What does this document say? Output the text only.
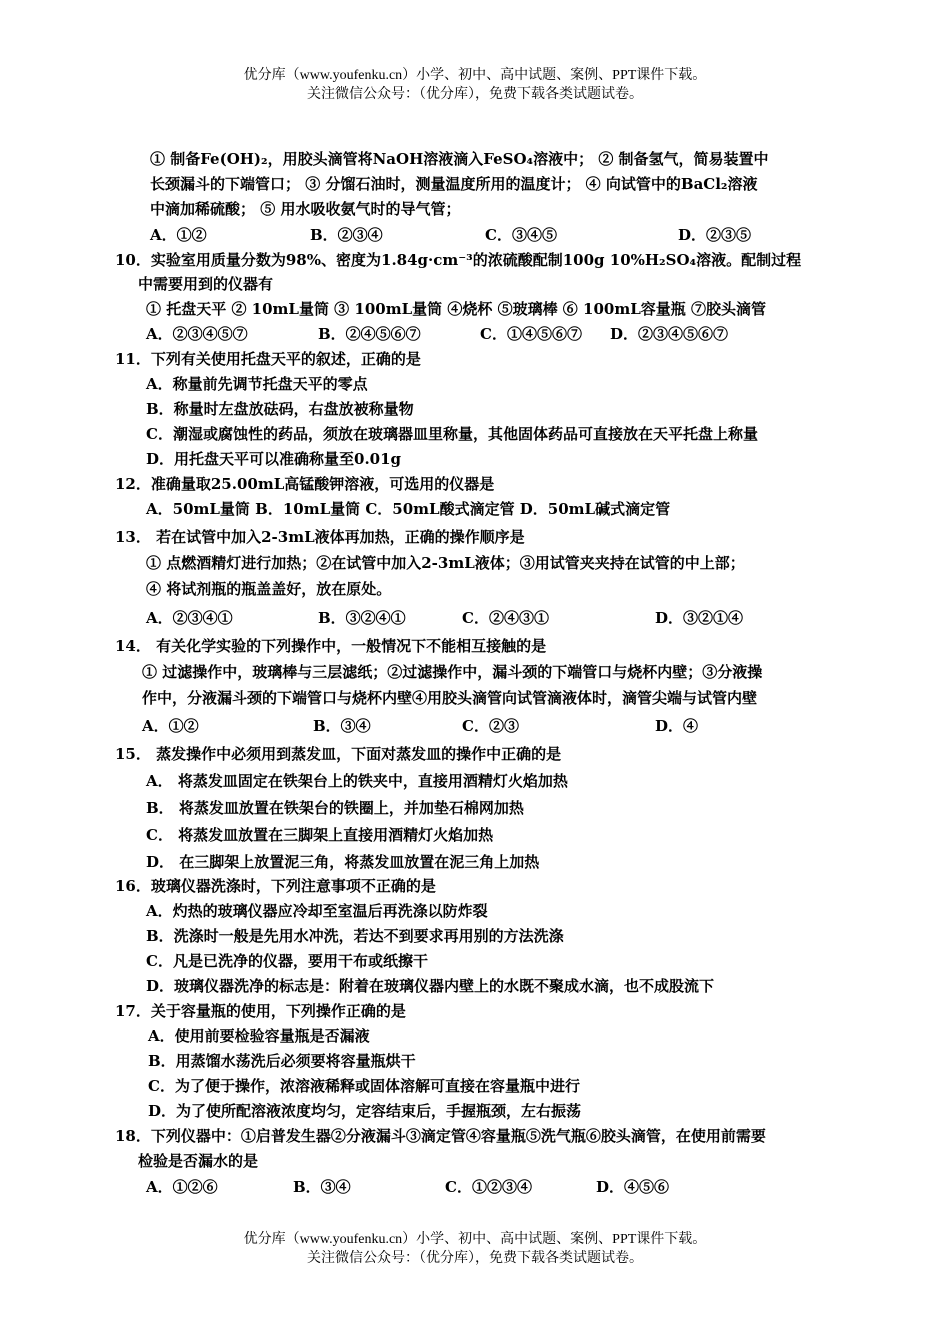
优分库（www.youfenku.cn）小学、初中、高中试题、案例、PPT课件下载。
关注微信公众号：（优分库），免费下载各类试题试卷。
① 制备Fe(OH)₂，用胶头滴管将NaOH溶液滴入FeSO₄溶液中； ② 制备氢气，简易装置中
长颈漏斗的下端管口； ③ 分馏石油时，测量温度所用的温度计； ④ 向试管中的BaCl₂溶液
中滴加稀硫酸； ⑤ 用水吸收氨气时的导气管；
A．①②	B．②③④	C．③④⑤	D．②③⑤
10．实验室用质量分数为98%、密度为1.84g·cm⁻³的浓硫酸配制100g 10%H₂SO₄溶液。配制过程
中需要用到的仪器有
① 托盘天平 ② 10mL量筒 ③ 100mL量筒 ④烧杯 ⑤玻璃棒 ⑥ 100mL容量瓶 ⑦胶头滴管
A．②③④⑤⑦	B．②④⑤⑥⑦	C．①④⑤⑥⑦ D．②③④⑤⑥⑦
11．下列有关使用托盘天平的叙述，正确的是
A．称量前先调节托盘天平的零点
B．称量时左盘放砝码，右盘放被称量物
C．潮湿或腐蚀性的药品，须放在玻璃器皿里称量，其他固体药品可直接放在天平托盘上称量
D．用托盘天平可以准确称量至0.01g
12．准确量取25.00mL高锰酸钾溶液，可选用的仪器是
A．50mL量筒 B．10mL量筒 C．50mL酸式滴定管 D．50mL碱式滴定管
13． 若在试管中加入2-3mL液体再加热，正确的操作顺序是
① 点燃酒精灯进行加热；②在试管中加入2-3mL液体；③用试管夹夹持在试管的中上部；
④ 将试剂瓶的瓶盖盖好，放在原处。
A．②③④①	B．③②④①	C．②④③①	D．③②①④
14． 有关化学实验的下列操作中，一般情况下不能相互接触的是
① 过滤操作中，玻璃棒与三层滤纸；②过滤操作中，漏斗颈的下端管口与烧杯内壁；③分液操
作中，分液漏斗颈的下端管口与烧杯内壁④用胶头滴管向试管滴液体时，滴管尖端与试管内壁
A．①②	B．③④	C．②③	D．④
15． 蒸发操作中必须用到蒸发皿，下面对蒸发皿的操作中正确的是
A． 将蒸发皿固定在铁架台上的铁夹中，直接用酒精灯火焰加热
B． 将蒸发皿放置在铁架台的铁圈上，并加垫石棉网加热
C． 将蒸发皿放置在三脚架上直接用酒精灯火焰加热
D． 在三脚架上放置泥三角，将蒸发皿放置在泥三角上加热
16．玻璃仪器洗涤时，下列注意事项不正确的是
A．灼热的玻璃仪器应冷却至室温后再洗涤以防炸裂
B．洗涤时一般是先用水冲洗，若达不到要求再用别的方法洗涤
C．凡是已洗净的仪器，要用干布或纸擦干
D．玻璃仪器洗净的标志是：附着在玻璃仪器内壁上的水既不聚成水滴，也不成股流下
17．关于容量瓶的使用，下列操作正确的是
A．使用前要检验容量瓶是否漏液
B．用蒸馏水荡洗后必须要将容量瓶烘干
C．为了便于操作，浓溶液稀释或固体溶解可直接在容量瓶中进行
D．为了使所配溶液浓度均匀，定容结束后，手握瓶颈，左右振荡
18．下列仪器中：①启普发生器②分液漏斗③滴定管④容量瓶⑤洗气瓶⑥胶头滴管，在使用前需要
检验是否漏水的是
A．①②⑥	B．③④	C．①②③④	D．④⑤⑥
优分库（www.youfenku.cn）小学、初中、高中试题、案例、PPT课件下载。
关注微信公众号：（优分库），免费下载各类试题试卷。
